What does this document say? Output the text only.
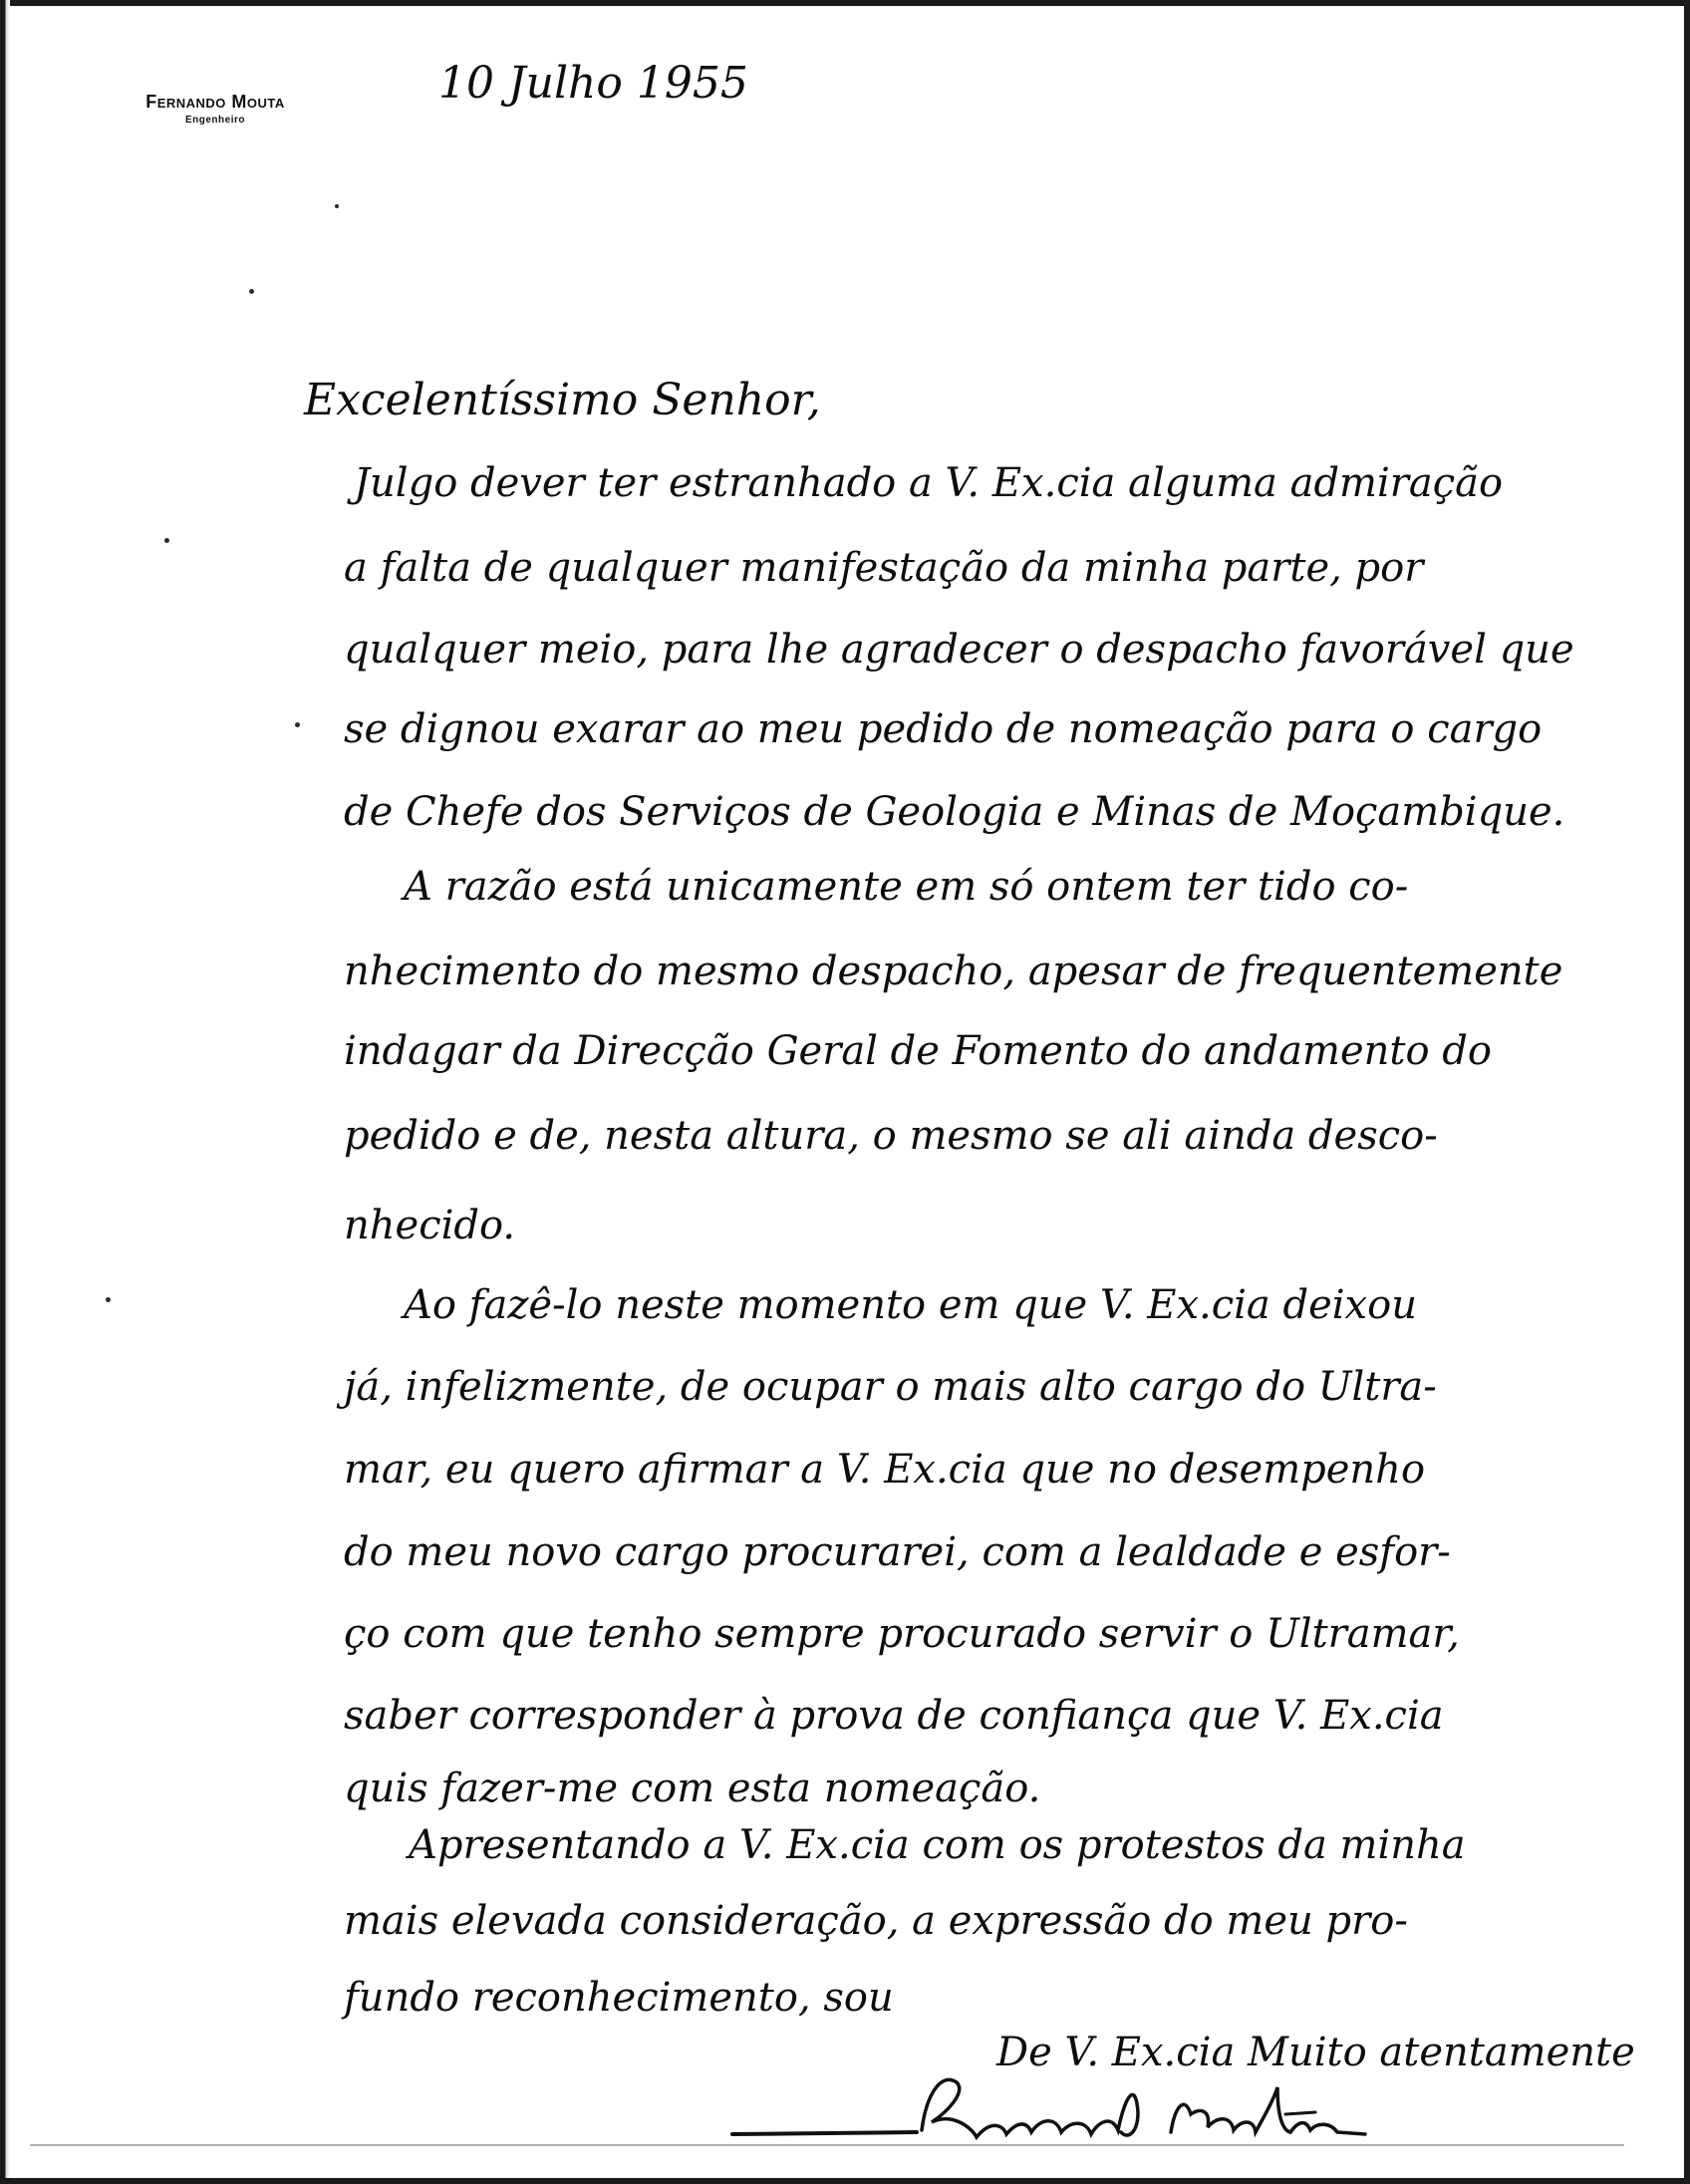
Fernando Mouta
Engenheiro
10 Julho 1955
Excelentíssimo Senhor,
Julgo dever ter estranhado a V. Ex.cia alguma admiração
a falta de qualquer manifestação da minha parte, por
qualquer meio, para lhe agradecer o despacho favorável que
se dignou exarar ao meu pedido de nomeação para o cargo
de Chefe dos Serviços de Geologia e Minas de Moçambique.
A razão está unicamente em só ontem ter tido co-
nhecimento do mesmo despacho, apesar de frequentemente
indagar da Direcção Geral de Fomento do andamento do
pedido e de, nesta altura, o mesmo se ali ainda desco-
nhecido.
Ao fazê-lo neste momento em que V. Ex.cia deixou
já, infelizmente, de ocupar o mais alto cargo do Ultra-
mar, eu quero afirmar a V. Ex.cia que no desempenho
do meu novo cargo procurarei, com a lealdade e esfor-
ço com que tenho sempre procurado servir o Ultramar,
saber corresponder à prova de confiança que V. Ex.cia
quis fazer-me com esta nomeação.
Apresentando a V. Ex.cia com os protestos da minha
mais elevada consideração, a expressão do meu pro-
fundo reconhecimento, sou
De V. Ex.cia Muito atentamente
